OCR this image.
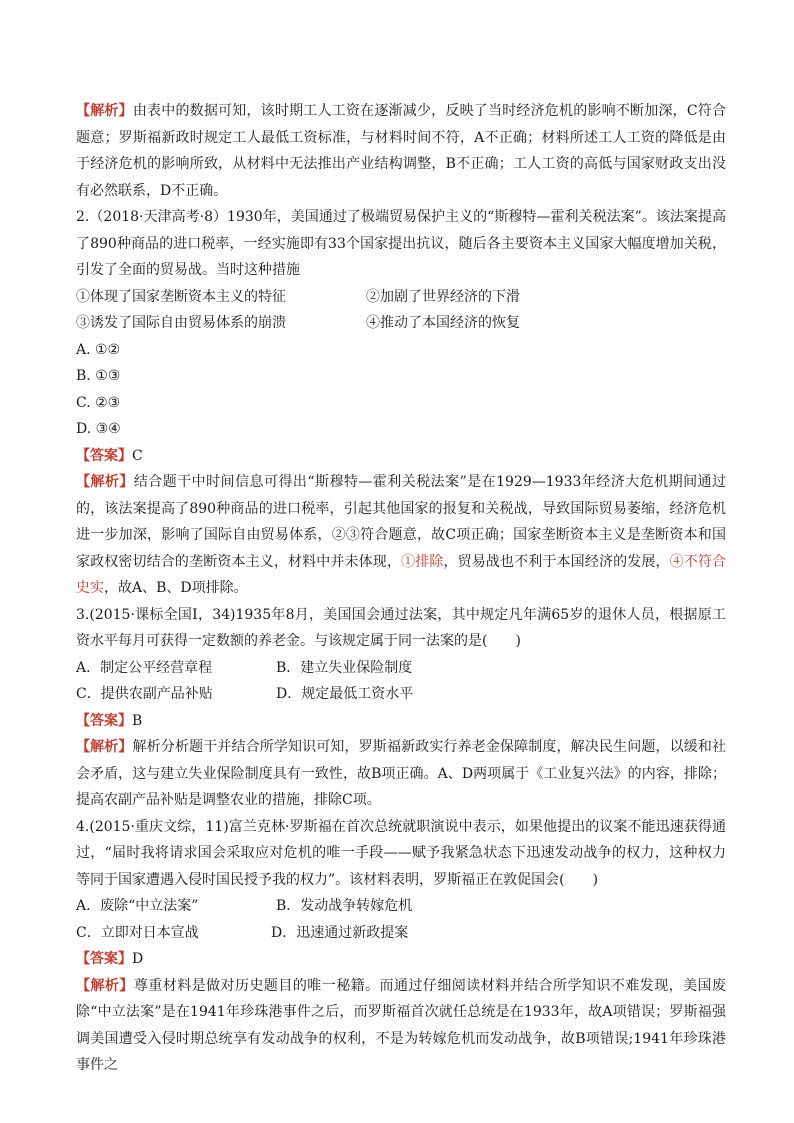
【解析】由表中的数据可知，该时期工人工资在逐渐减少，反映了当时经济危机的影响不断加深，C符合题意；罗斯福新政时规定工人最低工资标准，与材料时间不符，A不正确；材料所述工人工资的降低是由于经济危机的影响所致，从材料中无法推出产业结构调整，B不正确；工人工资的高低与国家财政支出没有必然联系，D不正确。

2.（2018·天津高考·8）1930年，美国通过了极端贸易保护主义的“斯穆特—霍利关税法案”。该法案提高了890种商品的进口税率，一经实施即有33个国家提出抗议，随后各主要资本主义国家大幅度增加关税，引发了全面的贸易战。当时这种措施

①体现了国家垄断资本主义的特征	②加剧了世界经济的下滑
③诱发了国际自由贸易体系的崩溃	④推动了本国经济的恢复

A. ①②

B. ①③

C. ②③

D. ③④

【答案】C

【解析】结合题干中时间信息可得出“斯穆特—霍利关税法案”是在1929—1933年经济大危机期间通过的，该法案提高了890种商品的进口税率，引起其他国家的报复和关税战，导致国际贸易萎缩，经济危机进一步加深，影响了国际自由贸易体系，②③符合题意，故C项正确；国家垄断资本主义是垄断资本和国家政权密切结合的垄断资本主义，材料中并未体现，①排除，贸易战也不利于本国经济的发展，④不符合史实，故A、B、D项排除。

3.(2015·课标全国Ⅰ，34)1935年8月，美国国会通过法案，其中规定凡年满65岁的退休人员，根据原工资水平每月可获得一定数额的养老金。与该规定属于同一法案的是(　　)

A．制定公平经营章程	B．建立失业保险制度
C．提供农副产品补贴	D．规定最低工资水平

【答案】B

【解析】解析分析题干并结合所学知识可知，罗斯福新政实行养老金保障制度，解决民生问题，以缓和社会矛盾，这与建立失业保险制度具有一致性，故B项正确。A、D两项属于《工业复兴法》的内容，排除；提高农副产品补贴是调整农业的措施，排除C项。

4.(2015·重庆文综，11)富兰克林·罗斯福在首次总统就职演说中表示，如果他提出的议案不能迅速获得通过，“届时我将请求国会采取应对危机的唯一手段——赋予我紧急状态下迅速发动战争的权力，这种权力等同于国家遭遇入侵时国民授予我的权力”。该材料表明，罗斯福正在敦促国会(　　)

A．废除“中立法案”	B．发动战争转嫁危机
C．立即对日本宣战	D．迅速通过新政提案

【答案】D

【解析】尊重材料是做对历史题目的唯一秘籍。而通过仔细阅读材料并结合所学知识不难发现，美国废除“中立法案”是在1941年珍珠港事件之后，而罗斯福首次就任总统是在1933年，故A项错误；罗斯福强调美国遭受入侵时期总统享有发动战争的权利，不是为转嫁危机而发动战争，故B项错误;1941年珍珠港事件之
